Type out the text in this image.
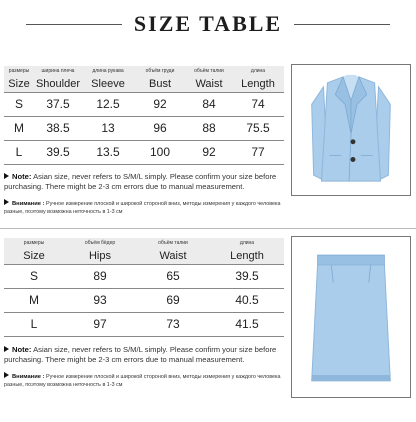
SIZE TABLE
размеры	ширина плеча	длина рукава	объём груди	объём талии	длина
Size	Shoulder	Sleeve	Bust	Waist	Length
S	37.5	12.5	92	84	74
M	38.5	13	96	88	75.5
L	39.5	13.5	100	92	77
Note: Asian size, never refers to S/M/L simply. Please confirm your size before purchasing. There might be 2-3 cm errors due to manual measurement.
Внимание : Ручное измерение плоской и широкой стороной вниз, методы измерения у каждого человека разные, поэтому возможна неточность в 1-3 см
размеры	объём бёдер	объём талии	длина
Size	Hips	Waist	Length
S	89	65	39.5
M	93	69	40.5
L	97	73	41.5
Note: Asian size, never refers to S/M/L simply. Please confirm your size before purchasing. There might be 2-3 cm errors due to manual measurement.
Внимание : Ручное измерение плоской и широкой стороной вниз, методы измерения у каждого человека разные, поэтому возможна неточность в 1-3 см
